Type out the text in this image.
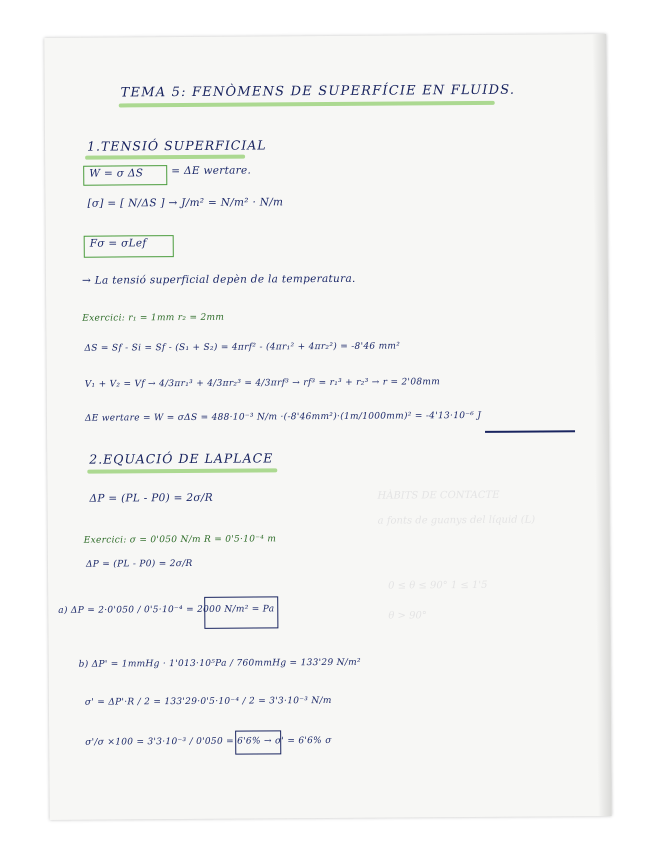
HÀBITS DE CONTACTE
a fonts de guanys del líquid (L)
0 ≤ θ ≤ 90° 1 ≤ 1'5
θ > 90°
TEMA 5: FENÒMENS DE SUPERFÍCIE EN FLUIDS.
1.TENSIÓ SUPERFICIAL
W = σ ΔS	= ΔE wertare.
[σ] = [ N/ΔS ] → J/m² = N/m² · N/m
Fσ = σLef
→ La tensió superficial depèn de la temperatura.
Exercici: r₁ = 1mm r₂ = 2mm
ΔS = Sf - Si = Sf - (S₁ + S₂) = 4πrf² - (4πr₁² + 4πr₂²) = -8'46 mm²
V₁ + V₂ = Vf → 4/3πr₁³ + 4/3πr₂³ = 4/3πrf³ → rf³ = r₁³ + r₂³ → r = 2'08mm
ΔE wertare = W = σΔS = 488·10⁻³ N/m ·(-8'46mm²)·(1m/1000mm)² = -4'13·10⁻⁶ J
2.EQUACIÓ DE LAPLACE
ΔP = (PL - P0) = 2σ/R
Exercici: σ = 0'050 N/m R = 0'5·10⁻⁴ m
ΔP = (PL - P0) = 2σ/R
a) ΔP = 2·0'050 / 0'5·10⁻⁴ = 2000 N/m² = Pa
b) ΔP' = 1mmHg · 1'013·10⁵Pa / 760mmHg = 133'29 N/m²
σ' = ΔP'·R / 2 = 133'29·0'5·10⁻⁴ / 2 = 3'3·10⁻³ N/m
σ'/σ ×100 = 3'3·10⁻³ / 0'050 = 6'6% → σ' = 6'6% σ
